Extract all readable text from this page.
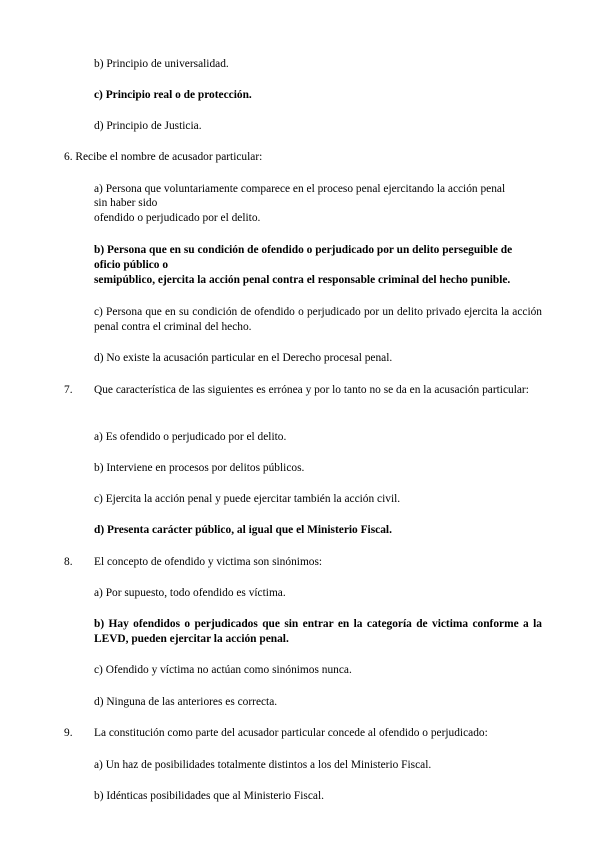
b) Principio de universalidad.
c) Principio real o de protección.
d) Principio de Justicia.
6. Recibe el nombre de acusador particular:
a) Persona que voluntariamente comparece en el proceso penal ejercitando la acción penal
sin haber sido
ofendido o perjudicado por el delito.
b) Persona que en su condición de ofendido o perjudicado por un delito perseguible de
oficio público o
semipúblico, ejercita la acción penal contra el responsable criminal del hecho punible.
c) Persona que en su condición de ofendido o perjudicado por un delito privado ejercita la acción penal contra el criminal del hecho.
d) No existe la acusación particular en el Derecho procesal penal.
7. Que característica de las siguientes es errónea y por lo tanto no se da en la acusación particular:
a) Es ofendido o perjudicado por el delito.
b) Interviene en procesos por delitos públicos.
c) Ejercita la acción penal y puede ejercitar también la acción civil.
d) Presenta carácter público, al igual que el Ministerio Fiscal.
8. El concepto de ofendido y victima son sinónimos:
a) Por supuesto, todo ofendido es víctima.
b) Hay ofendidos o perjudicados que sin entrar en la categoría de victima conforme a la LEVD, pueden ejercitar la acción penal.
c) Ofendido y víctima no actúan como sinónimos nunca.
d) Ninguna de las anteriores es correcta.
9. La constitución como parte del acusador particular concede al ofendido o perjudicado:
a) Un haz de posibilidades totalmente distintos a los del Ministerio Fiscal.
b) Idénticas posibilidades que al Ministerio Fiscal.
